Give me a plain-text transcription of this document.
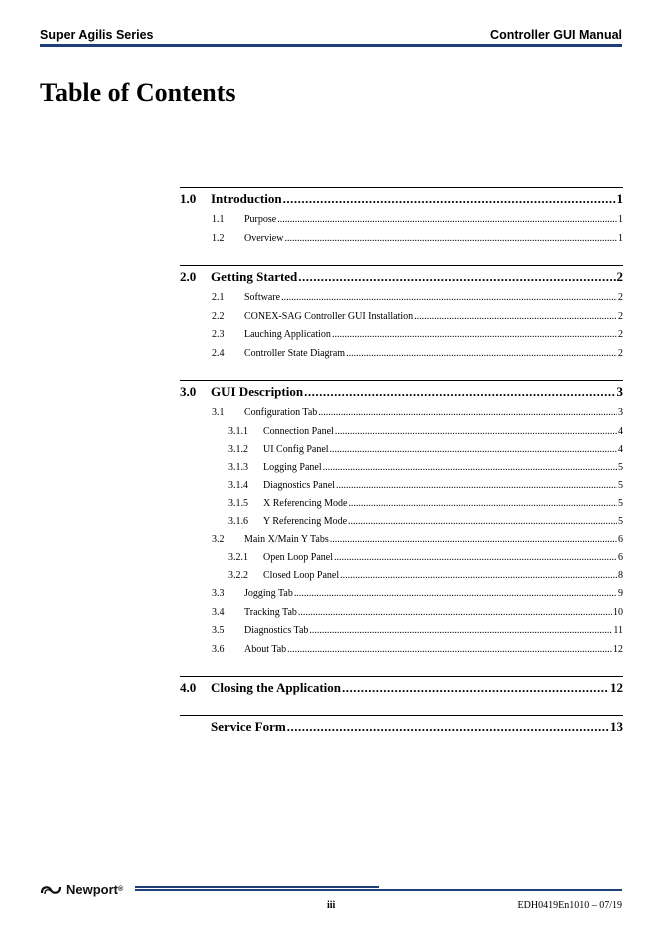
Super Agilis Series	Controller GUI Manual
Table of Contents
1.0	Introduction .....	1
1.1	Purpose .....	1
1.2	Overview .....	1
2.0	Getting Started .....	2
2.1	Software .....	2
2.2	CONEX-SAG Controller GUI Installation .....	2
2.3	Lauching Application .....	2
2.4	Controller State Diagram .....	2
3.0	GUI Description .....	3
3.1	Configuration Tab .....	3
3.1.1	Connection Panel .....	4
3.1.2	UI Config Panel .....	4
3.1.3	Logging Panel .....	5
3.1.4	Diagnostics Panel .....	5
3.1.5	X Referencing Mode .....	5
3.1.6	Y Referencing Mode .....	5
3.2	Main X/Main Y Tabs .....	6
3.2.1	Open Loop Panel .....	6
3.2.2	Closed Loop Panel .....	8
3.3	Jogging Tab .....	9
3.4	Tracking Tab .....	10
3.5	Diagnostics Tab .....	11
3.6	About Tab .....	12
4.0	Closing the Application .....	12
Service Form .....	13
Newport ®
iii	EDH0419En1010 – 07/19
